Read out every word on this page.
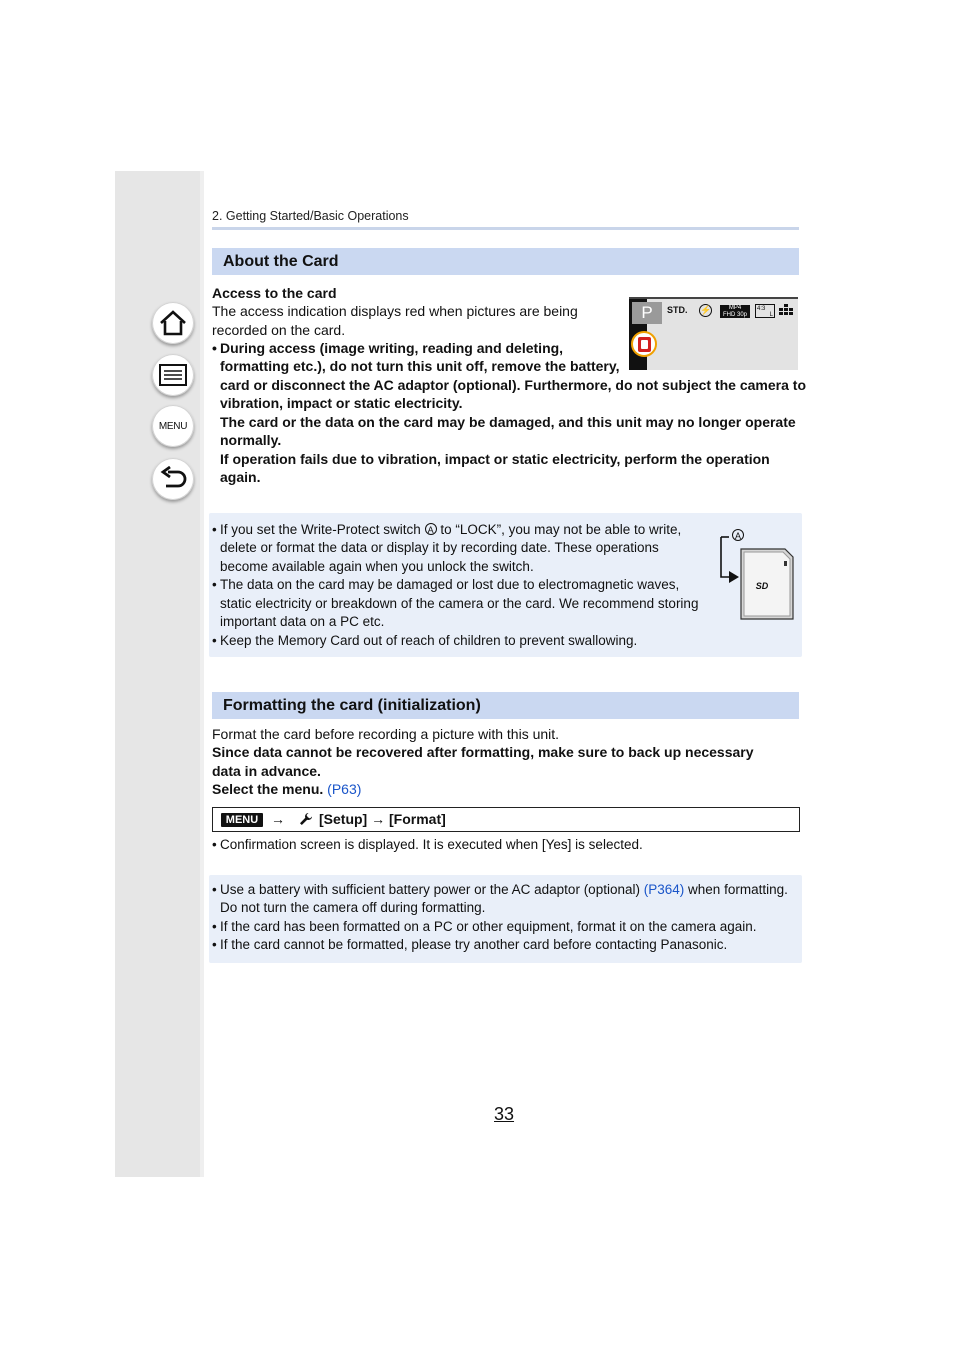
MENU
2. Getting Started/Basic Operations
About the Card
Access to the card
The access indication displays red when pictures are being
recorded on the card.
• During access (image writing, reading and deleting,
formatting etc.), do not turn this unit off, remove the battery,
card or disconnect the AC adaptor (optional). Furthermore, do not subject the camera to
vibration, impact or static electricity.
The card or the data on the card may be damaged, and this unit may no longer operate
normally.
If operation fails due to vibration, impact or static electricity, perform the operation
again.
P	STD. ⚡	MP4
FHD 30p
4:3
L
• If you set the Write-Protect switch A to “LOCK”, you may not be able to write,
delete or format the data or display it by recording date. These operations
become available again when you unlock the switch.
• The data on the card may be damaged or lost due to electromagnetic waves,
static electricity or breakdown of the camera or the card. We recommend storing
important data on a PC etc.
• Keep the Memory Card out of reach of children to prevent swallowing.
SD
A
Formatting the card (initialization)
Format the card before recording a picture with this unit.
Since data cannot be recovered after formatting, make sure to back up necessary
data in advance.
Select the menu. (P63)
MENU → [Setup] → [Format]
• Confirmation screen is displayed. It is executed when [Yes] is selected.
• Use a battery with sufficient battery power or the AC adaptor (optional) (P364) when formatting.
Do not turn the camera off during formatting.
• If the card has been formatted on a PC or other equipment, format it on the camera again.
• If the card cannot be formatted, please try another card before contacting Panasonic.
33
